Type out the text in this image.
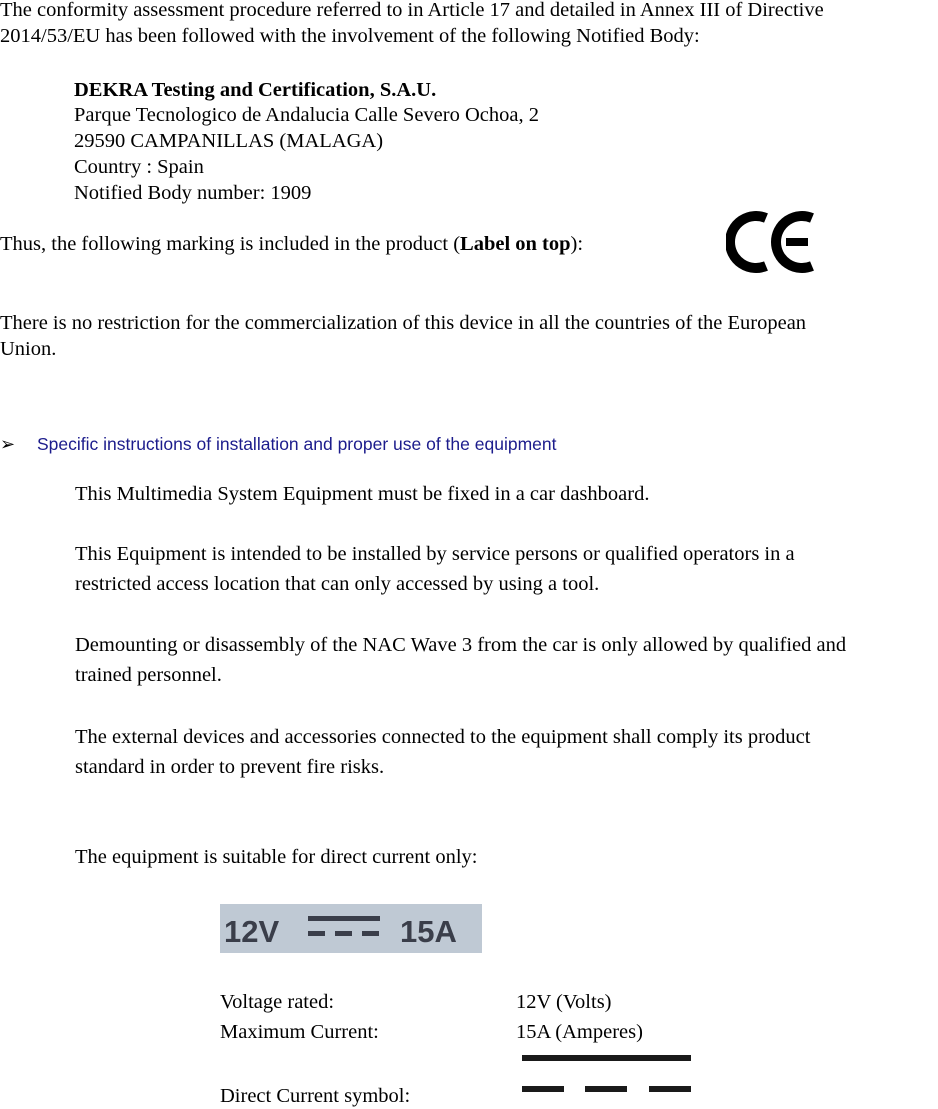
The conformity assessment procedure referred to in Article 17 and detailed in Annex III of Directive
2014/53/EU has been followed with the involvement of the following Notified Body:
DEKRA Testing and Certification, S.A.U.
Parque Tecnologico de Andalucia Calle Severo Ochoa, 2
29590 CAMPANILLAS (MALAGA)
Country : Spain
Notified Body number: 1909
Thus, the following marking is included in the product (Label on top):
There is no restriction for the commercialization of this device in all the countries of the European
Union.
➢ Specific instructions of installation and proper use of the equipment
This Multimedia System Equipment must be fixed in a car dashboard.
This Equipment is intended to be installed by service persons or qualified operators in a
restricted access location that can only accessed by using a tool.
Demounting or disassembly of the NAC Wave 3 from the car is only allowed by qualified and
trained personnel.
The external devices and accessories connected to the equipment shall comply its product
standard in order to prevent fire risks.
The equipment is suitable for direct current only:
12V	15A
Voltage rated:	12V (Volts)
Maximum Current:	15A (Amperes)
Direct Current symbol:
